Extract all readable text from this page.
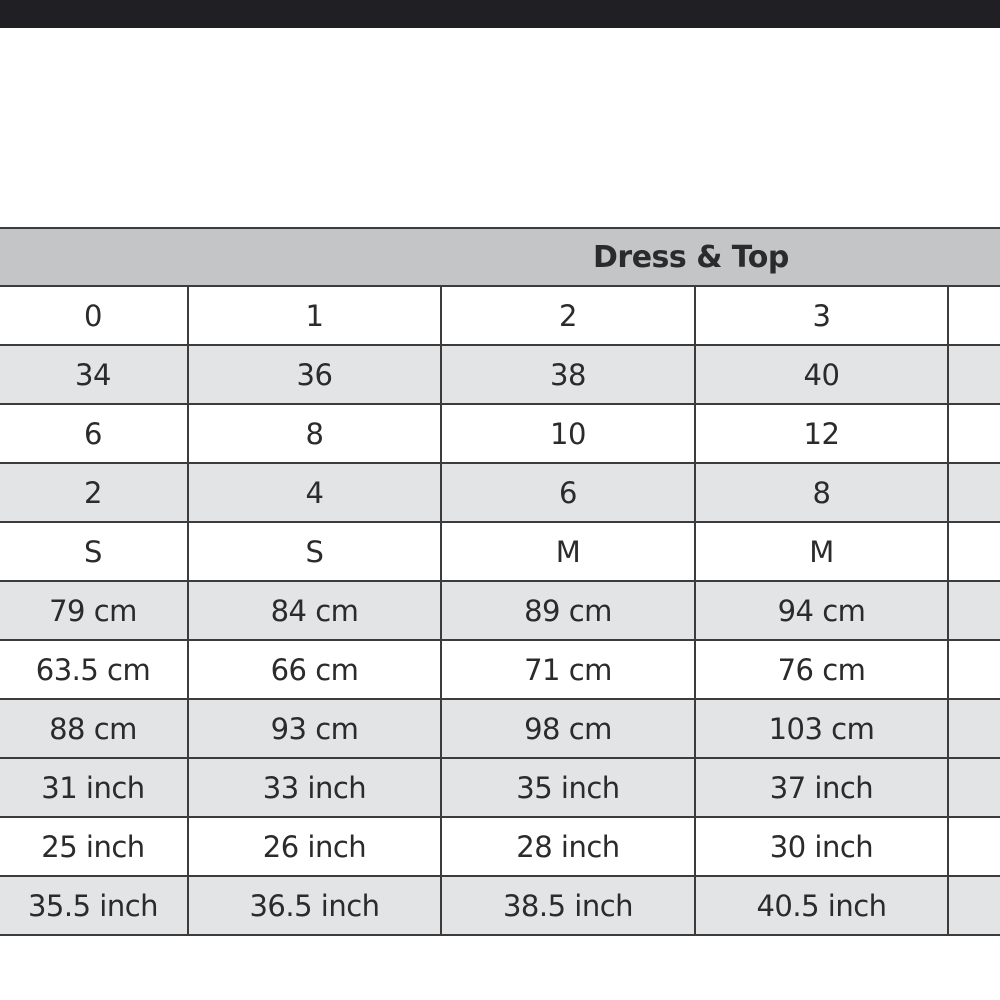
Dress & Top				
0	1	2	3	
34	36	38	40	
6	8	10	12	
2	4	6	8	
S	S	M	M	
79 cm	84 cm	89 cm	94 cm	
63.5 cm	66 cm	71 cm	76 cm	
88 cm	93 cm	98 cm	103 cm	
31 inch	33 inch	35 inch	37 inch	
25 inch	26 inch	28 inch	30 inch	
35.5 inch	36.5 inch	38.5 inch	40.5 inch	
